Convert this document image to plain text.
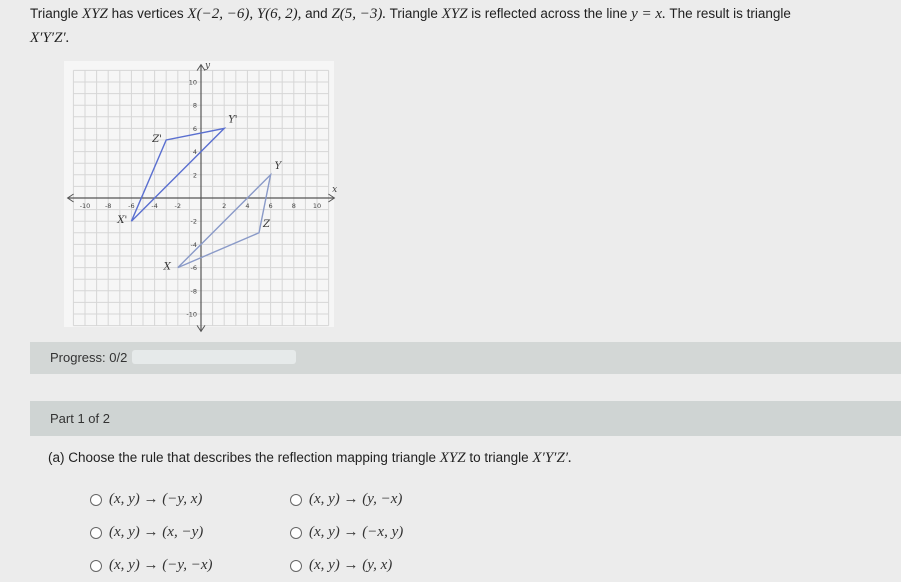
Triangle XYZ has vertices X(−2, −6), Y(6, 2), and Z(5, −3). Triangle XYZ is reflected across the line y = x. The result is triangle
X′Y′Z′.
x
y
-10 -8	-6	-4	-2	2	4	6	8	10
10
8
6
4
2
-2
-4
-6
-8
-10
X
Y
Z
X'
Y'
Z'
Progress: 0/2
Part 1 of 2
(a) Choose the rule that describes the reflection mapping triangle XYZ to triangle X′Y′Z′.
(x, y) → (−y, x)	(x, y) → (y, −x)
(x, y) → (x, −y)	(x, y) → (−x, y)
(x, y) → (−y, −x)	(x, y) → (y, x)
